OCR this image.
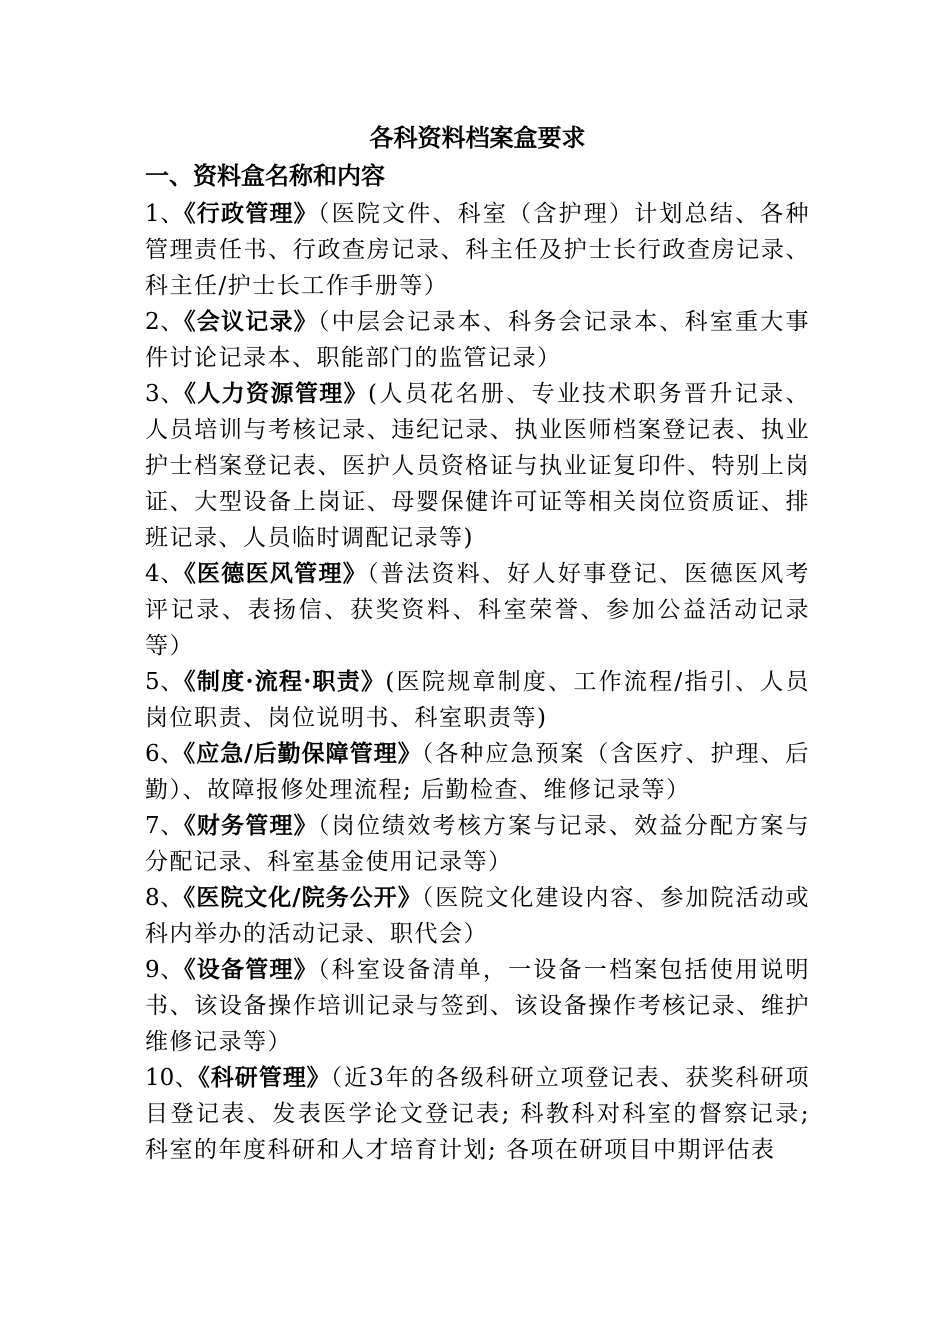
各科资料档案盒要求
一、资料盒名称和内容

1、《行政管理》（医院文件、科室（含护理）计划总结、各种管理责任书、行政查房记录、科主任及护士长行政查房记录、科主任/护士长工作手册等）

2、《会议记录》（中层会记录本、科务会记录本、科室重大事件讨论记录本、职能部门的监管记录）

3、《人力资源管理》(人员花名册、专业技术职务晋升记录、人员培训与考核记录、违纪记录、执业医师档案登记表、执业护士档案登记表、医护人员资格证与执业证复印件、特别上岗证、大型设备上岗证、母婴保健许可证等相关岗位资质证、排班记录、人员临时调配记录等)

4、《医德医风管理》（普法资料、好人好事登记、医德医风考评记录、表扬信、获奖资料、科室荣誉、参加公益活动记录等）

5、《制度·流程·职责》(医院规章制度、工作流程/指引、人员岗位职责、岗位说明书、科室职责等)

6、《应急/后勤保障管理》（各种应急预案（含医疗、护理、后勤）、故障报修处理流程; 后勤检查、维修记录等）

7、《财务管理》（岗位绩效考核方案与记录、效益分配方案与分配记录、科室基金使用记录等）

8、《医院文化/院务公开》（医院文化建设内容、参加院活动或科内举办的活动记录、职代会）

9、《设备管理》（科室设备清单，一设备一档案包括使用说明书、该设备操作培训记录与签到、该设备操作考核记录、维护维修记录等）

10、《科研管理》（近3年的各级科研立项登记表、获奖科研项目登记表、发表医学论文登记表; 科教科对科室的督察记录; 科室的年度科研和人才培育计划; 各项在研项目中期评估表
